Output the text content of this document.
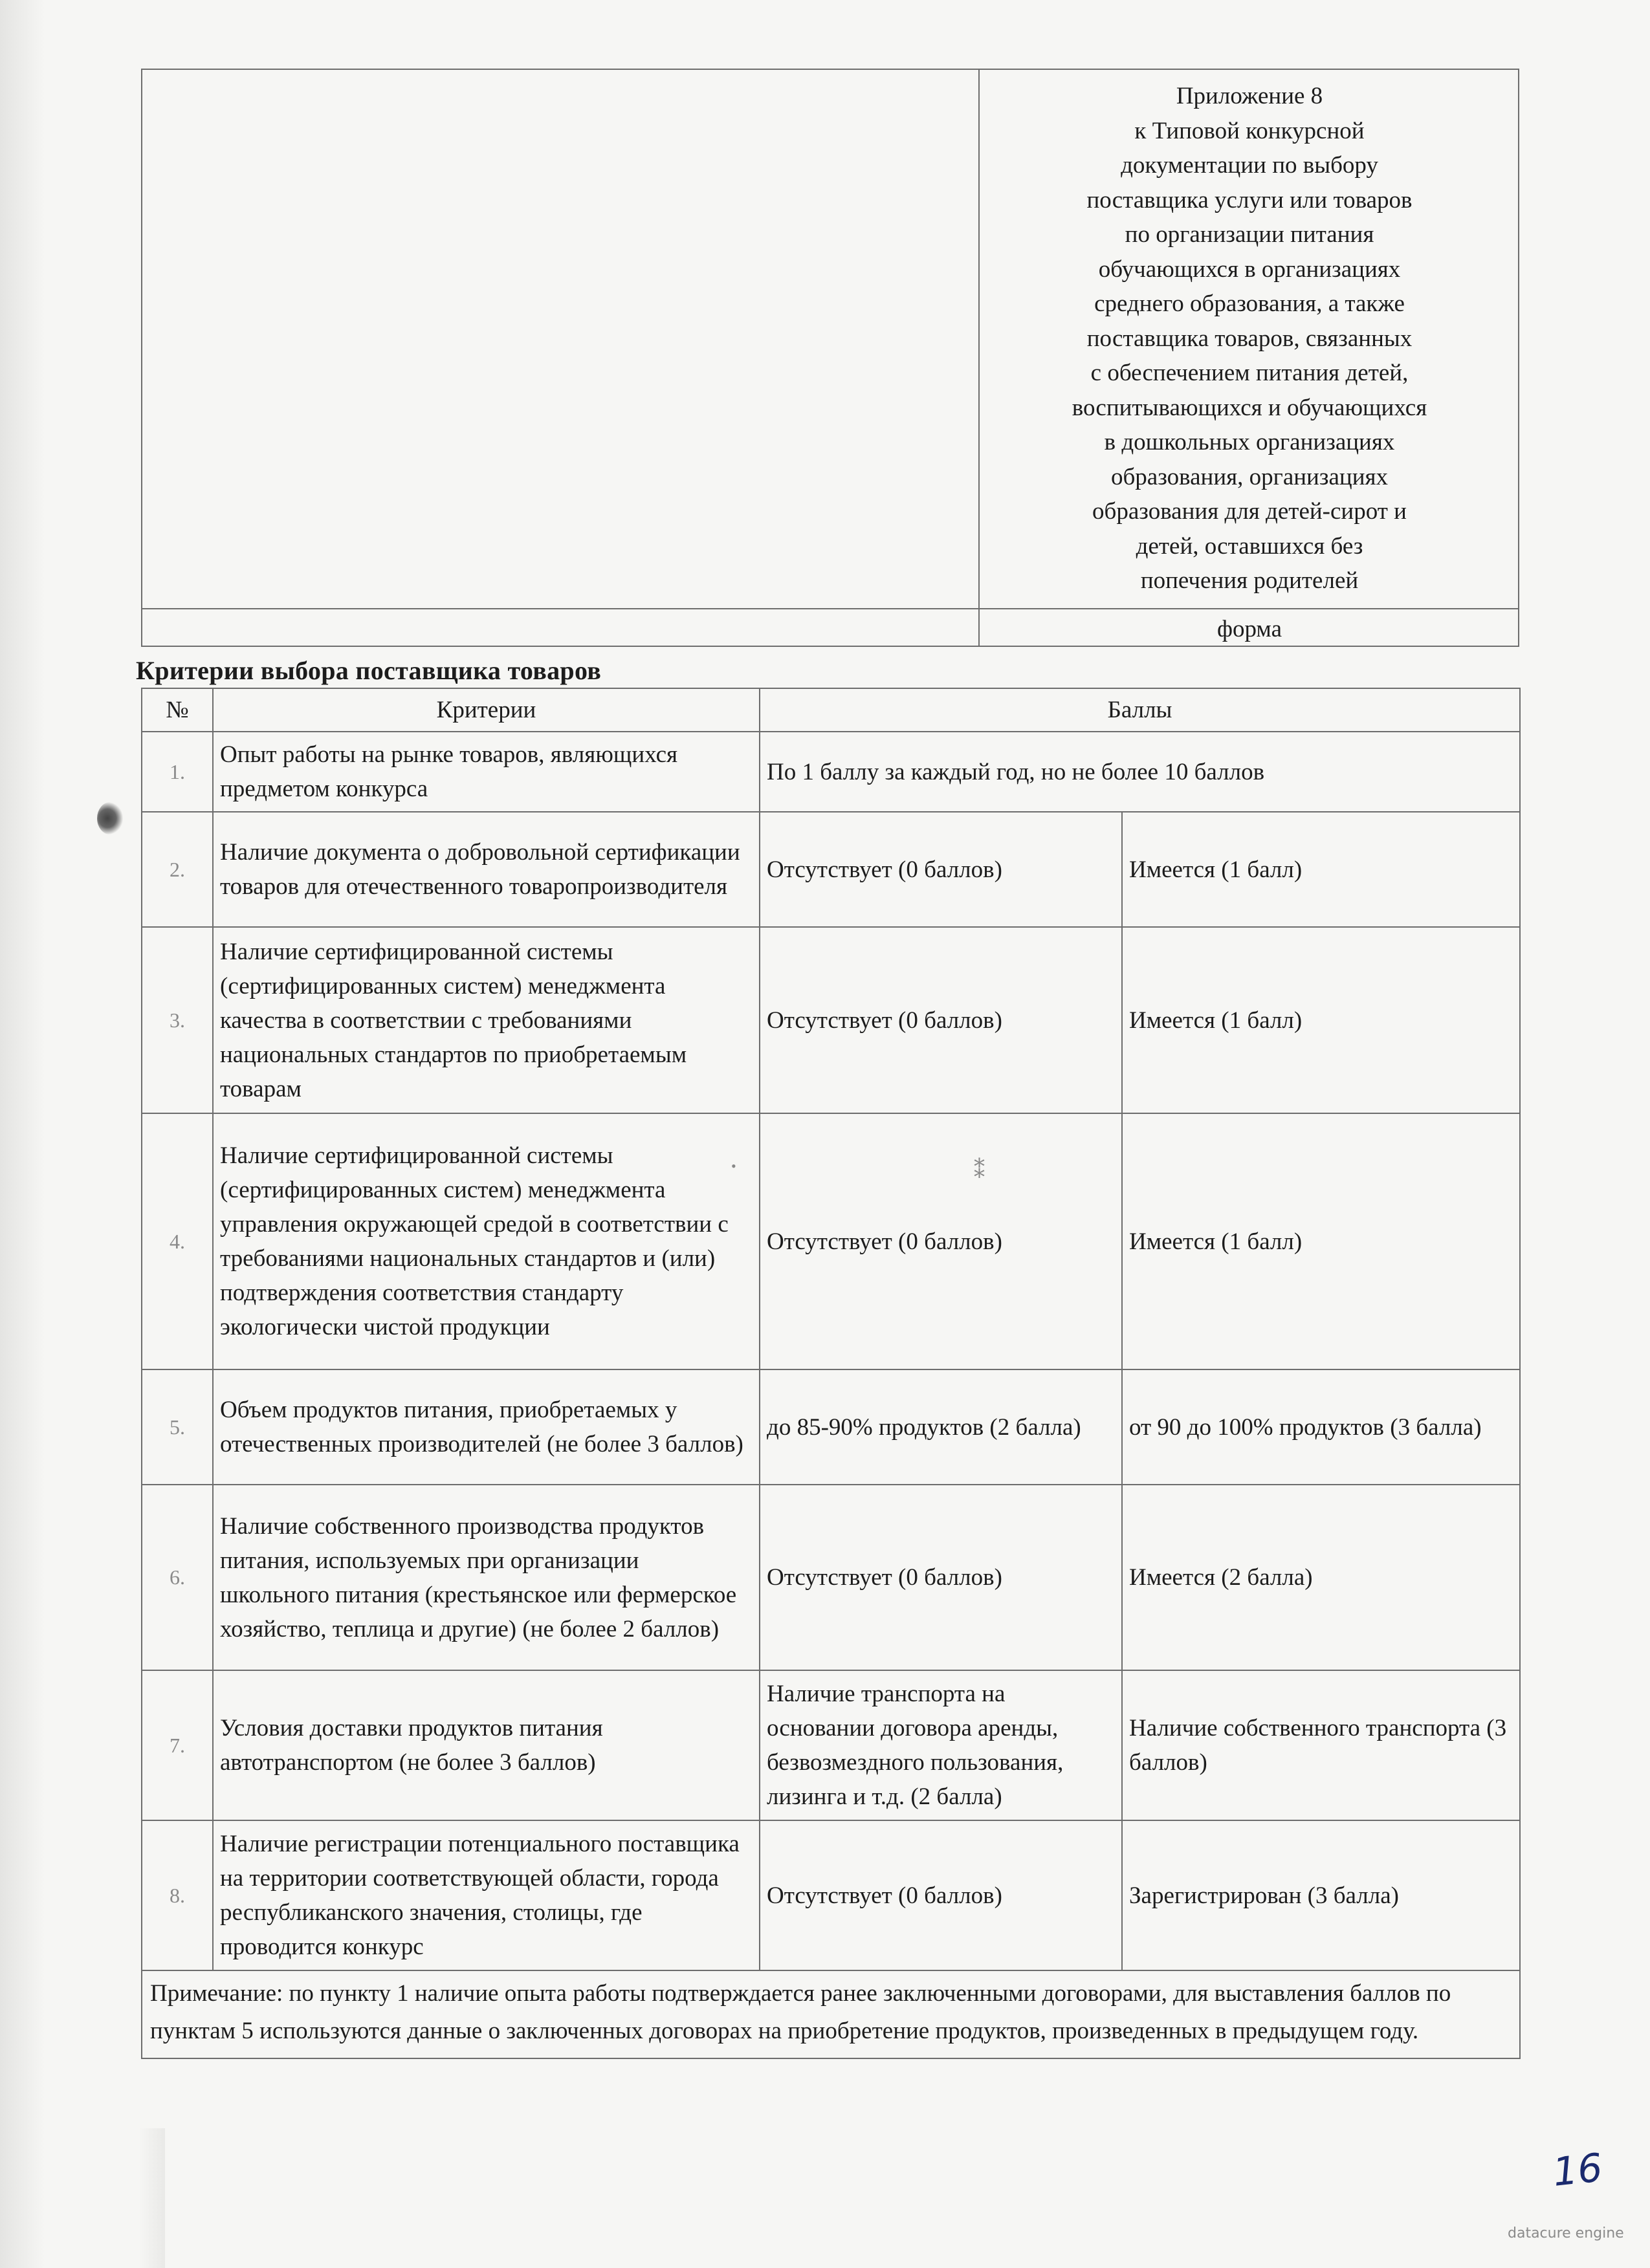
⁑
•
Приложение 8
к Типовой конкурсной
документации по выбору
поставщика услуги или товаров
по организации питания
обучающихся в организациях
среднего образования, а также
поставщика товаров, связанных
с обеспечением питания детей,
воспитывающихся и обучающихся
в дошкольных организациях
образования, организациях
образования для детей-сирот и
детей, оставшихся без
попечения родителей
форма
Критерии выбора поставщика товаров
№	Критерии	Баллы	
1.	Опыт работы на рынке товаров, являющихся предметом конкурса	По 1 баллу за каждый год, но не более 10 баллов	
2.	Наличие документа о добровольной сертификации товаров для отечественного товаропроизводителя	Отсутствует (0 баллов)	Имеется (1 балл)
3.	Наличие сертифицированной системы (сертифицированных систем) менеджмента качества в соответствии с требованиями национальных стандартов по приобретаемым товарам	Отсутствует (0 баллов)	Имеется (1 балл)
4.	Наличие сертифицированной системы (сертифицированных систем) менеджмента управления окружающей средой в соответствии с требованиями национальных стандартов и (или) подтверждения соответствия стандарту экологически чистой продукции	Отсутствует (0 баллов)	Имеется (1 балл)
5.	Объем продуктов питания, приобретаемых у отечественных производителей (не более 3 баллов)	до 85-90% продуктов (2 балла)	от 90 до 100% продуктов (3 балла)
6.	Наличие собственного производства продуктов питания, используемых при организации школьного питания (крестьянское или фермерское хозяйство, теплица и другие) (не более 2 баллов)	Отсутствует (0 баллов)	Имеется (2 балла)
7.	Условия доставки продуктов питания автотранспортом (не более 3 баллов)	Наличие транспорта на основании договора аренды, безвозмездного пользования, лизинга и т.д. (2 балла)	Наличие собственного транспорта (3 баллов)
8.	Наличие регистрации потенциального поставщика на территории соответствующей области, города республиканского значения, столицы, где проводится конкурс	Отсутствует (0 баллов)	Зарегистрирован (3 балла)
Примечание: по пункту 1 наличие опыта работы подтверждается ранее заключенными договорами, для выставления баллов по пунктам 5 используются данные о заключенных договорах на приобретение продуктов, произведенных в предыдущем году.			
16
datacure engine
